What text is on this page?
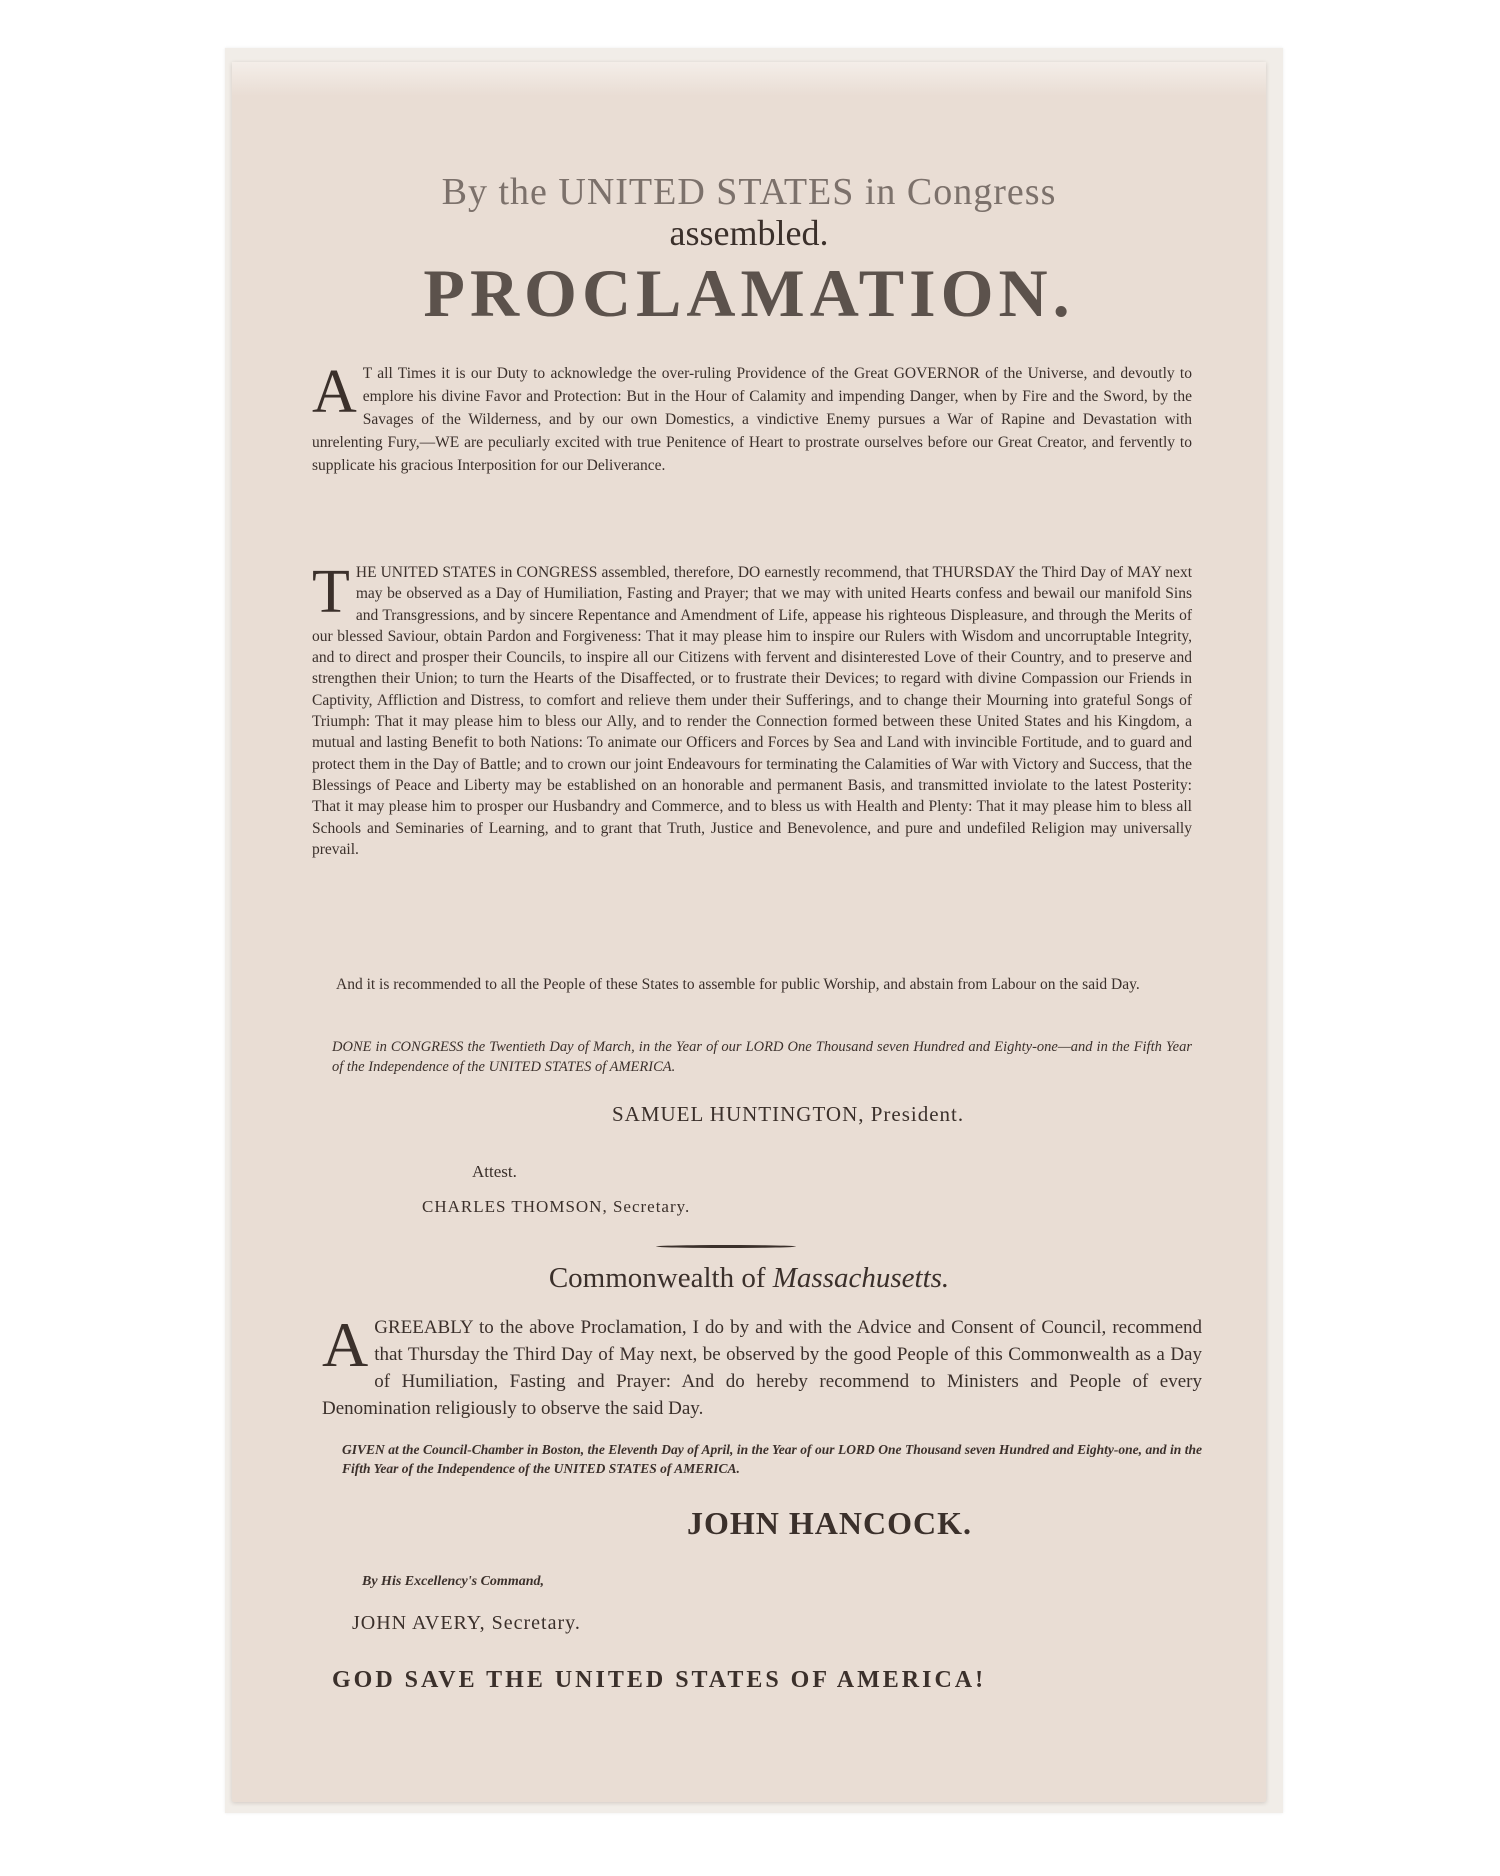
By the UNITED STATES in Congress
assembled.
PROCLAMATION.
A T all Times it is our Duty to acknowledge the over-ruling Providence of the Great GOVERNOR of the Universe, and devoutly to emplore his divine Favor and Protection: But in the Hour of Calamity and impending Danger, when by Fire and the Sword, by the Savages of the Wilderness, and by our own Domestics, a vindictive Enemy pursues a War of Rapine and Devastation with unrelenting Fury,—WE are peculiarly excited with true Penitence of Heart to prostrate ourselves before our Great Creator, and fervently to supplicate his gracious Interposition for our Deliverance.
T HE UNITED STATES in CONGRESS assembled, therefore, DO earnestly recommend, that THURSDAY the Third Day of MAY next may be observed as a Day of Humiliation, Fasting and Prayer; that we may with united Hearts confess and bewail our manifold Sins and Transgressions, and by sincere Repentance and Amendment of Life, appease his righteous Displeasure, and through the Merits of our blessed Saviour, obtain Pardon and Forgiveness: That it may please him to inspire our Rulers with Wisdom and uncorruptable Integrity, and to direct and prosper their Councils, to inspire all our Citizens with fervent and disinterested Love of their Country, and to preserve and strengthen their Union; to turn the Hearts of the Disaffected, or to frustrate their Devices; to regard with divine Compassion our Friends in Captivity, Affliction and Distress, to comfort and relieve them under their Sufferings, and to change their Mourning into grateful Songs of Triumph: That it may please him to bless our Ally, and to render the Connection formed between these United States and his Kingdom, a mutual and lasting Benefit to both Nations: To animate our Officers and Forces by Sea and Land with invincible Fortitude, and to guard and protect them in the Day of Battle; and to crown our joint Endeavours for terminating the Calamities of War with Victory and Success, that the Blessings of Peace and Liberty may be established on an honorable and permanent Basis, and transmitted inviolate to the latest Posterity: That it may please him to prosper our Husbandry and Commerce, and to bless us with Health and Plenty: That it may please him to bless all Schools and Seminaries of Learning, and to grant that Truth, Justice and Benevolence, and pure and undefiled Religion may universally prevail.
And it is recommended to all the People of these States to assemble for public Worship, and abstain from Labour on the said Day.
DONE in CONGRESS the Twentieth Day of March, in the Year of our LORD One Thousand seven Hundred and Eighty-one—and in the Fifth Year of the Independence of the UNITED STATES of AMERICA.
SAMUEL HUNTINGTON, President.
Attest.
CHARLES THOMSON, Secretary.
Commonwealth of Massachusetts.
A GREEABLY to the above Proclamation, I do by and with the Advice and Consent of Council, recommend that Thursday the Third Day of May next, be observed by the good People of this Commonwealth as a Day of Humiliation, Fasting and Prayer: And do hereby recommend to Ministers and People of every Denomination religiously to observe the said Day.
GIVEN at the Council-Chamber in Boston, the Eleventh Day of April, in the Year of our LORD One Thousand seven Hundred and Eighty-one, and in the Fifth Year of the Independence of the UNITED STATES of AMERICA.
JOHN HANCOCK.
By His Excellency's Command,
JOHN AVERY, Secretary.
GOD SAVE THE UNITED STATES OF AMERICA!
